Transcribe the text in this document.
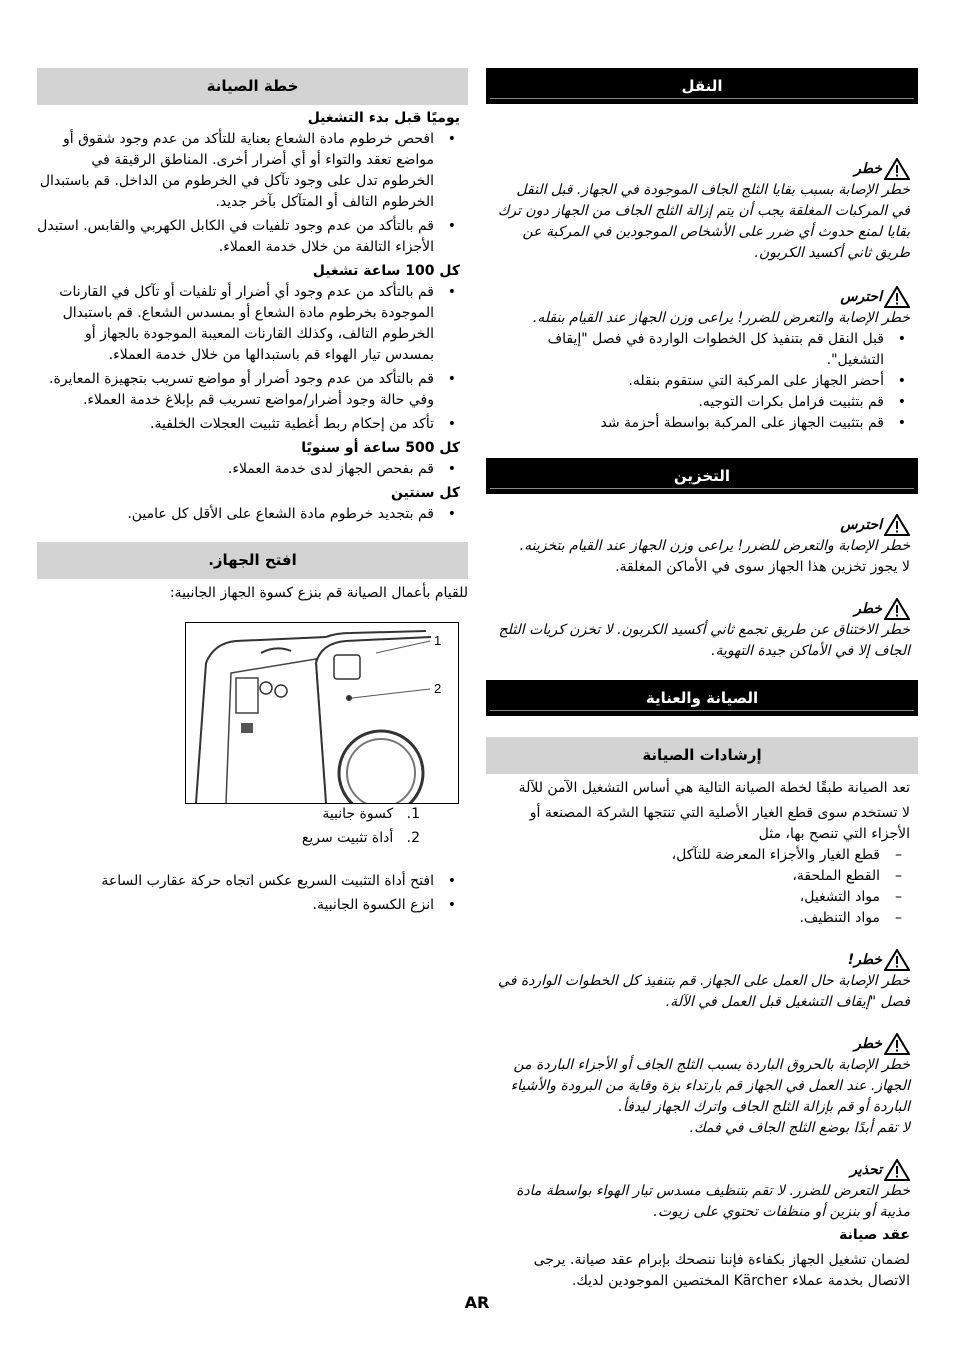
النقل
خطر
خطر الإصابة بسبب بقايا الثلج الجاف الموجودة في الجهاز. قبل النقل في المركبات المغلقة يجب أن يتم إزالة الثلج الجاف من الجهاز دون ترك بقايا لمنع حدوث أي ضرر على الأشخاص الموجودين في المركبة عن طريق ثاني أكسيد الكربون.
احترس
خطر الإصابة والتعرض للضرر! يراعى وزن الجهاز عند القيام بنقله.
• قبل النقل قم بتنفيذ كل الخطوات الواردة في فصل "إيقاف التشغيل".
• أحضر الجهاز على المركبة التي ستقوم بنقله.
• قم بتثبيت فرامل بكرات التوجيه.
• قم بتثبيت الجهاز على المركبة بواسطة أحزمة شد
التخزين
احترس
خطر الإصابة والتعرض للضرر! يراعى وزن الجهاز عند القيام بتخزينه.
لا يجوز تخزين هذا الجهاز سوى في الأماكن المغلقة.
خطر
خطر الاختناق عن طريق تجمع ثاني أكسيد الكربون. لا تخزن كريات الثلج الجاف إلا في الأماكن جيدة التهوية.
الصيانة والعناية
إرشادات الصيانة
تعد الصيانة طبقًا لخطة الصيانة التالية هي أساس التشغيل الآمن للآلة
لا تستخدم سوى قطع الغيار الأصلية التي تنتجها الشركة المصنعة أو الأجزاء التي تنصح بها، مثل
– قطع الغيار والأجزاء المعرضة للتآكل،
– القطع الملحقة،
– مواد التشغيل،
– مواد التنظيف.
خطر!
خطر الإصابة حال العمل على الجهاز. قم بتنفيذ كل الخطوات الواردة في فصل "إيقاف التشغيل قبل العمل في الآلة.
خطر
خطر الإصابة بالحروق الباردة بسبب الثلج الجاف أو الأجزاء الباردة من الجهاز. عند العمل في الجهاز قم بارتداء بزة وقاية من البرودة والأشياء الباردة أو قم بإزالة الثلج الجاف واترك الجهاز ليدفأ.
لا تقم أبدًا بوضع الثلج الجاف في فمك.
تحذير
خطر التعرض للضرر. لا تقم بتنظيف مسدس تيار الهواء بواسطة مادة مذيبة أو بنزين أو منظفات تحتوي على زيوت.
عقد صيانة
لضمان تشغيل الجهاز بكفاءة فإننا ننصحك بإبرام عقد صيانة. يرجى الاتصال بخدمة عملاء Kärcher المختصين الموجودين لديك.
خطة الصيانة
يوميًا قبل بدء التشغيل
• افحص خرطوم مادة الشعاع بعناية للتأكد من عدم وجود شقوق أو مواضع تعقد والتواء أو أي أضرار أخرى. المناطق الرقيقة في الخرطوم تدل على وجود تآكل في الخرطوم من الداخل. قم باستبدال الخرطوم التالف أو المتآكل بآخر جديد.
• قم بالتأكد من عدم وجود تلفيات في الكابل الكهربي والقابس. استبدل الأجزاء التالفة من خلال خدمة العملاء.
كل 100 ساعة تشغيل
• قم بالتأكد من عدم وجود أي أضرار أو تلفيات أو تآكل في القارنات الموجودة بخرطوم مادة الشعاع أو بمسدس الشعاع. قم باستبدال الخرطوم التالف، وكذلك القارنات المعيبة الموجودة بالجهاز أو بمسدس تيار الهواء قم باستبدالها من خلال خدمة العملاء.
• قم بالتأكد من عدم وجود أضرار أو مواضع تسريب بتجهيزة المعايرة. وفي حالة وجود أضرار/مواضع تسريب قم بإبلاغ خدمة العملاء.
• تأكد من إحكام ربط أغطية تثبيت العجلات الخلفية.
كل 500 ساعة أو سنويًا
• قم بفحص الجهاز لدى خدمة العملاء.
كل سنتين
• قم بتجديد خرطوم مادة الشعاع على الأقل كل عامين.
افتح الجهاز.
للقيام بأعمال الصيانة قم بنزع كسوة الجهاز الجانبية:
1
2
1.   كسوة جانبية
2.   أداة تثبيت سريع
• افتح أداة التثبيت السريع عكس اتجاه حركة عقارب الساعة
• انزع الكسوة الجانبية.
AR
